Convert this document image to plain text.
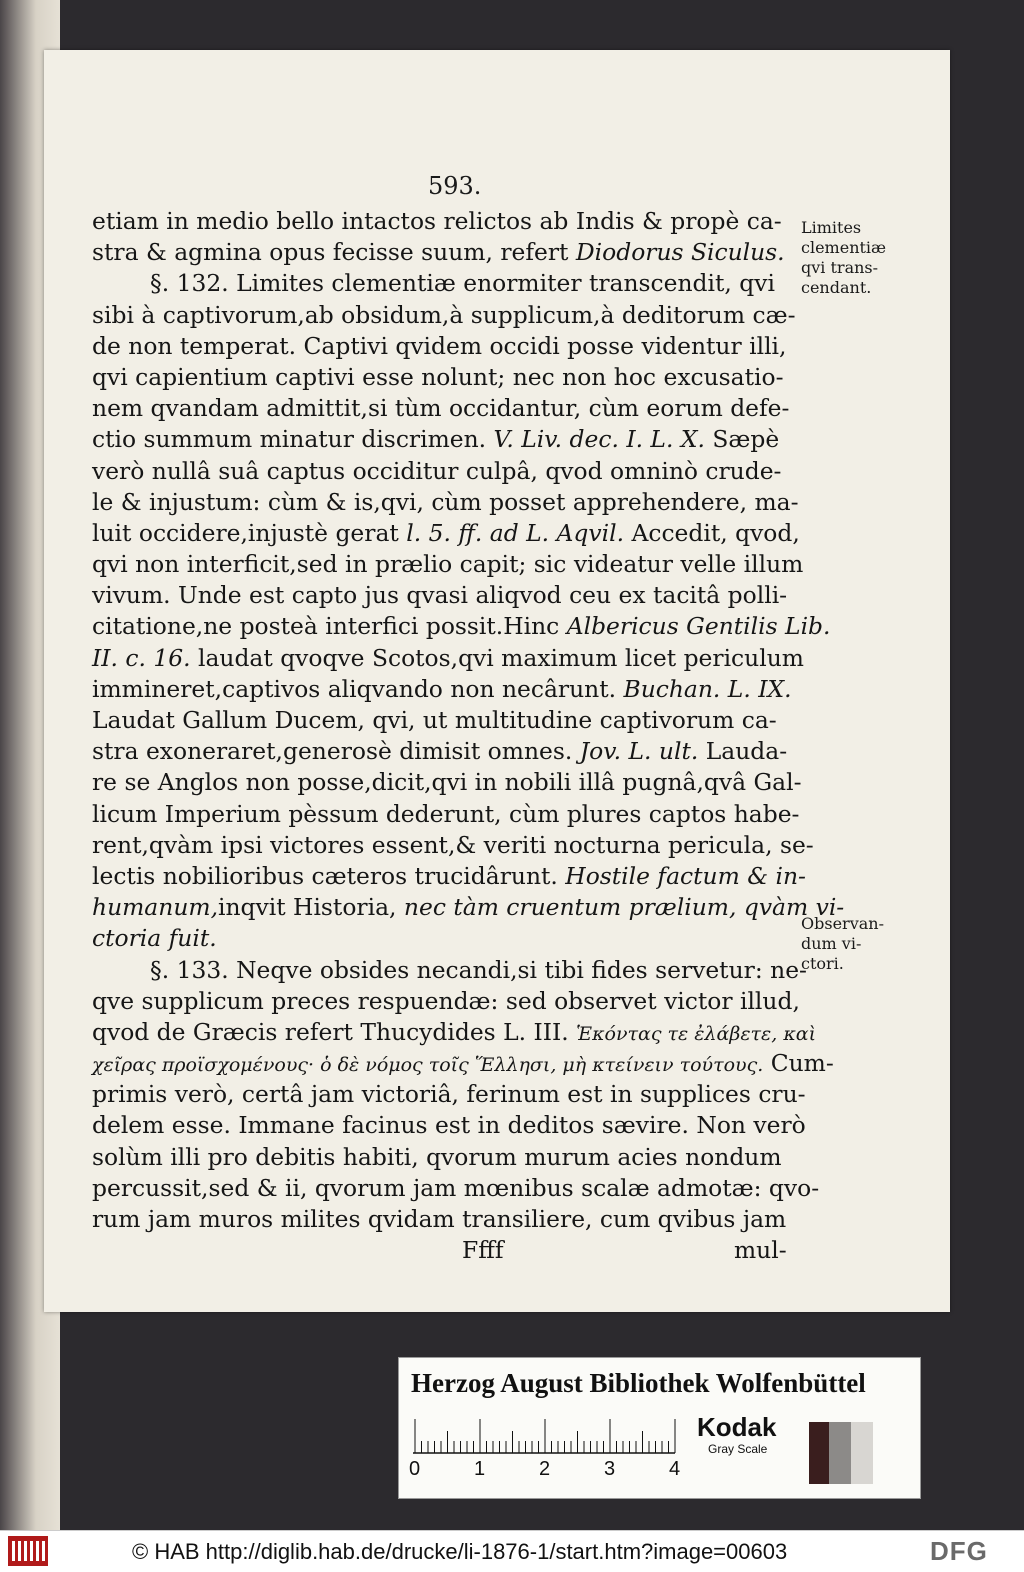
593.
etiam in medio bello intactos relictos ab Indis & propè ca-
stra & agmina opus fecisse suum, refert Diodorus Siculus.
§. 132. Limites clementiæ enormiter transcendit, qvi
sibi à captivorum,ab obsidum,à supplicum,à deditorum cæ-
de non temperat. Captivi qvidem occidi posse videntur illi,
qvi capientium captivi esse nolunt; nec non hoc excusatio-
nem qvandam admittit,si tùm occidantur, cùm eorum defe-
ctio summum minatur discrimen. V. Liv. dec. I. L. X. Sæpè
verò nullâ suâ captus occiditur culpâ, qvod omninò crude-
le & injustum: cùm & is,qvi, cùm posset apprehendere, ma-
luit occidere,injustè gerat l. 5. ff. ad L. Aqvil. Accedit, qvod,
qvi non interficit,sed in prælio capit; sic videatur velle illum
vivum. Unde est capto jus qvasi aliqvod ceu ex tacitâ polli-
citatione,ne posteà interfici possit.Hinc Albericus Gentilis Lib.
II. c. 16. laudat qvoqve Scotos,qvi maximum licet periculum
immineret,captivos aliqvando non necârunt. Buchan. L. IX.
Laudat Gallum Ducem, qvi, ut multitudine captivorum ca-
stra exoneraret,generosè dimisit omnes. Jov. L. ult. Lauda-
re se Anglos non posse,dicit,qvi in nobili illâ pugnâ,qvâ Gal-
licum Imperium pèssum dederunt, cùm plures captos habe-
rent,qvàm ipsi victores essent,& veriti nocturna pericula, se-
lectis nobilioribus cæteros trucidârunt. Hostile factum & in-
humanum,inqvit Historia, nec tàm cruentum prælium, qvàm vi-
ctoria fuit.
§. 133. Neqve obsides necandi,si tibi fides servetur: ne-
qve supplicum preces respuendæ: sed observet victor illud,
qvod de Græcis refert Thucydides L. III. Ἑκόντας τε ἐλάβετε, καὶ
χεῖρας προϊσχομένους· ὁ δὲ νόμος τοῖς Ἕλλησι, μὴ κτείνειν τούτους. Cum-
primis verò, certâ jam victoriâ, ferinum est in supplices cru-
delem esse. Immane facinus est in deditos sævire. Non verò
solùm illi pro debitis habiti, qvorum murum acies nondum
percussit,sed & ii, qvorum jam mœnibus scalæ admotæ: qvo-
rum jam muros milites qvidam transiliere, cum qvibus jam
Ffff	mul-
Limites
clementiæ
qvi trans-
cendant.
Observan-
dum vi-
ctori.
Herzog August Bibliothek Wolfenbüttel
0	1	2	3	4
Kodak
Gray Scale
© HAB http://diglib.hab.de/drucke/li-1876-1/start.htm?image=00603	DFG
